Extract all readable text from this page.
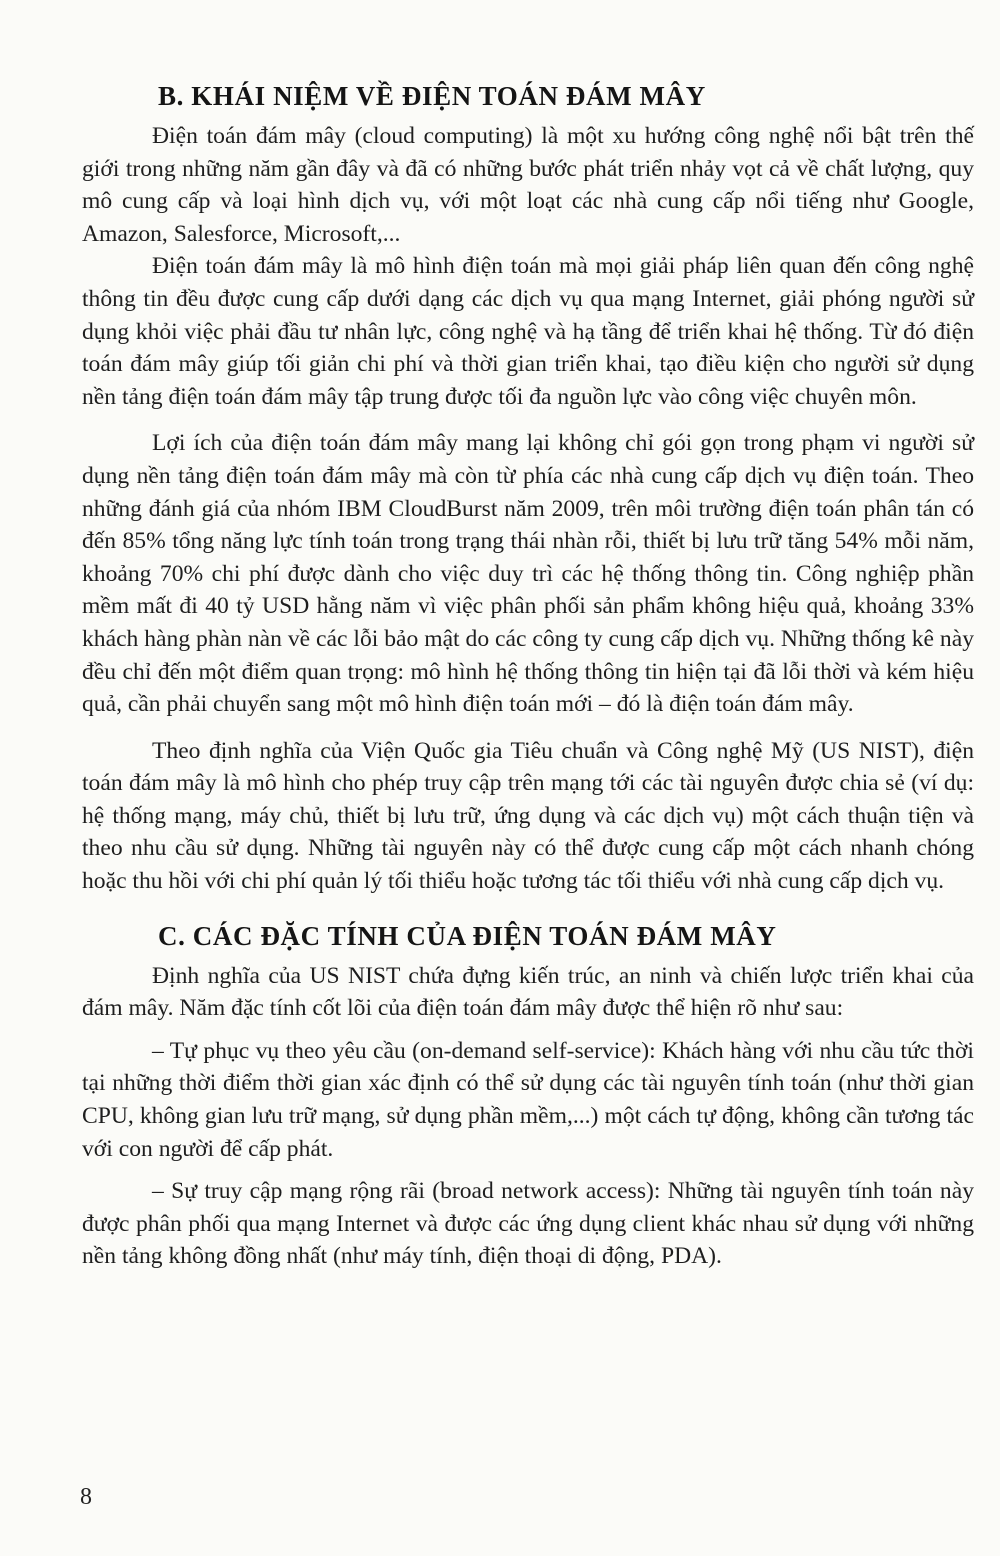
B. KHÁI NIỆM VỀ ĐIỆN TOÁN ĐÁM MÂY

Điện toán đám mây (cloud computing) là một xu hướng công nghệ nổi bật trên thế giới trong những năm gần đây và đã có những bước phát triển nhảy vọt cả về chất lượng, quy mô cung cấp và loại hình dịch vụ, với một loạt các nhà cung cấp nổi tiếng như Google, Amazon, Salesforce, Microsoft,...

Điện toán đám mây là mô hình điện toán mà mọi giải pháp liên quan đến công nghệ thông tin đều được cung cấp dưới dạng các dịch vụ qua mạng Internet, giải phóng người sử dụng khỏi việc phải đầu tư nhân lực, công nghệ và hạ tầng để triển khai hệ thống. Từ đó điện toán đám mây giúp tối giản chi phí và thời gian triển khai, tạo điều kiện cho người sử dụng nền tảng điện toán đám mây tập trung được tối đa nguồn lực vào công việc chuyên môn.

Lợi ích của điện toán đám mây mang lại không chỉ gói gọn trong phạm vi người sử dụng nền tảng điện toán đám mây mà còn từ phía các nhà cung cấp dịch vụ điện toán. Theo những đánh giá của nhóm IBM CloudBurst năm 2009, trên môi trường điện toán phân tán có đến 85% tổng năng lực tính toán trong trạng thái nhàn rỗi, thiết bị lưu trữ tăng 54% mỗi năm, khoảng 70% chi phí được dành cho việc duy trì các hệ thống thông tin. Công nghiệp phần mềm mất đi 40 tỷ USD hằng năm vì việc phân phối sản phẩm không hiệu quả, khoảng 33% khách hàng phàn nàn về các lỗi bảo mật do các công ty cung cấp dịch vụ. Những thống kê này đều chỉ đến một điểm quan trọng: mô hình hệ thống thông tin hiện tại đã lỗi thời và kém hiệu quả, cần phải chuyển sang một mô hình điện toán mới – đó là điện toán đám mây.

Theo định nghĩa của Viện Quốc gia Tiêu chuẩn và Công nghệ Mỹ (US NIST), điện toán đám mây là mô hình cho phép truy cập trên mạng tới các tài nguyên được chia sẻ (ví dụ: hệ thống mạng, máy chủ, thiết bị lưu trữ, ứng dụng và các dịch vụ) một cách thuận tiện và theo nhu cầu sử dụng. Những tài nguyên này có thể được cung cấp một cách nhanh chóng hoặc thu hồi với chi phí quản lý tối thiểu hoặc tương tác tối thiểu với nhà cung cấp dịch vụ.

C. CÁC ĐẶC TÍNH CỦA ĐIỆN TOÁN ĐÁM MÂY

Định nghĩa của US NIST chứa đựng kiến trúc, an ninh và chiến lược triển khai của đám mây. Năm đặc tính cốt lõi của điện toán đám mây được thể hiện rõ như sau:

– Tự phục vụ theo yêu cầu (on-demand self-service): Khách hàng với nhu cầu tức thời tại những thời điểm thời gian xác định có thể sử dụng các tài nguyên tính toán (như thời gian CPU, không gian lưu trữ mạng, sử dụng phần mềm,...) một cách tự động, không cần tương tác với con người để cấp phát.

– Sự truy cập mạng rộng rãi (broad network access): Những tài nguyên tính toán này được phân phối qua mạng Internet và được các ứng dụng client khác nhau sử dụng với những nền tảng không đồng nhất (như máy tính, điện thoại di động, PDA).

8
